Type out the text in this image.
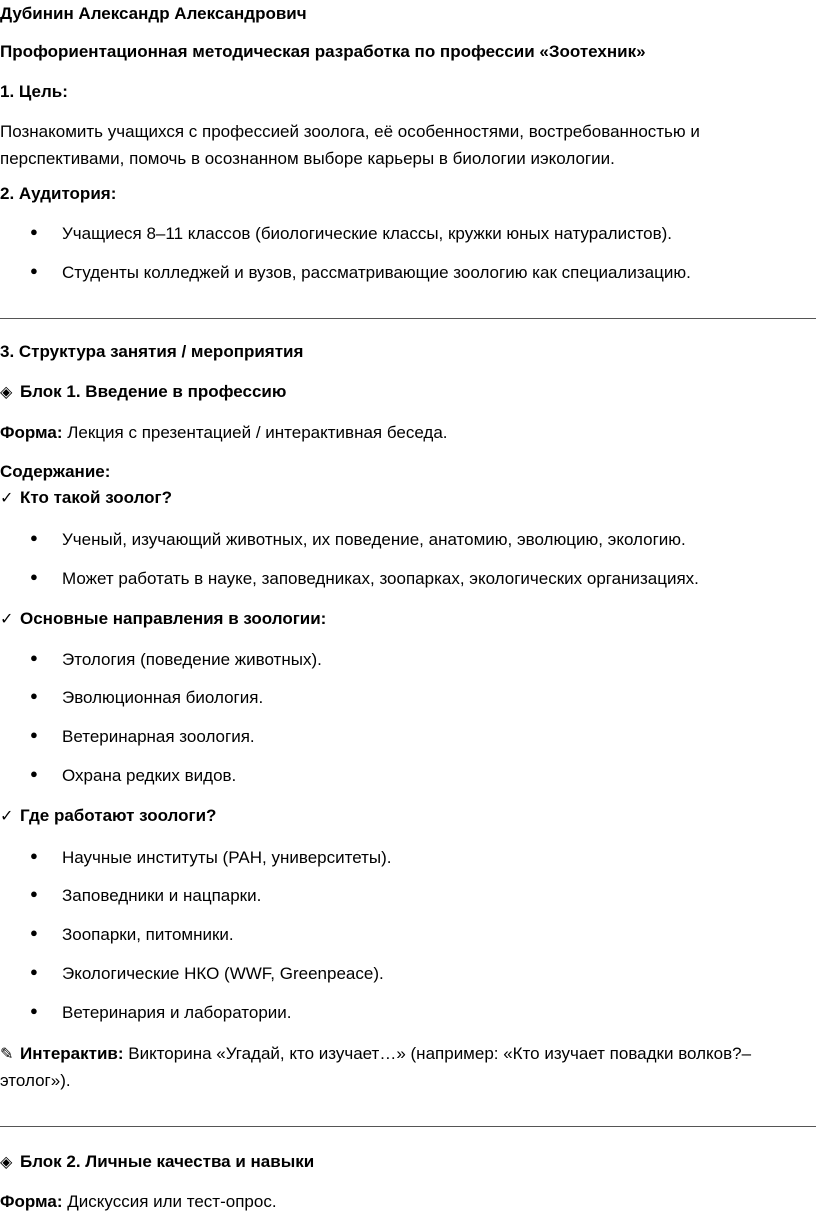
Дубинин Александр Александрович
Профориентационная методическая разработка по профессии «Зоотехник»
1. Цель:
Познакомить учащихся с профессией зоолога, её особенностями, востребованностью и перспективами, помочь в осознанном выборе карьеры в биологии иэкологии.
2. Аудитория:
●	Учащиеся 8–11 классов (биологические классы, кружки юных натуралистов).
●	Студенты колледжей и вузов, рассматривающие зоологию как специализацию.
3. Структура занятия / мероприятия
◈ Блок 1. Введение в профессию
Форма: Лекция с презентацией / интерактивная беседа.
Содержание:
✓ Кто такой зоолог?
●	Ученый, изучающий животных, их поведение, анатомию, эволюцию, экологию.
●	Может работать в науке, заповедниках, зоопарках, экологических организациях.
✓ Основные направления в зоологии:
●	Этология (поведение животных).
●	Эволюционная биология.
●	Ветеринарная зоология.
●	Охрана редких видов.
✓ Где работают зоологи?
●	Научные институты (РАН, университеты).
●	Заповедники и нацпарки.
●	Зоопарки, питомники.
●	Экологические НКО (WWF, Greenpeace).
●	Ветеринария и лаборатории.
✎ Интерактив: Викторина «Угадай, кто изучает…» (например: «Кто изучает повадки волков?–
этолог»).
◈ Блок 2. Личные качества и навыки
Форма: Дискуссия или тест-опрос.
